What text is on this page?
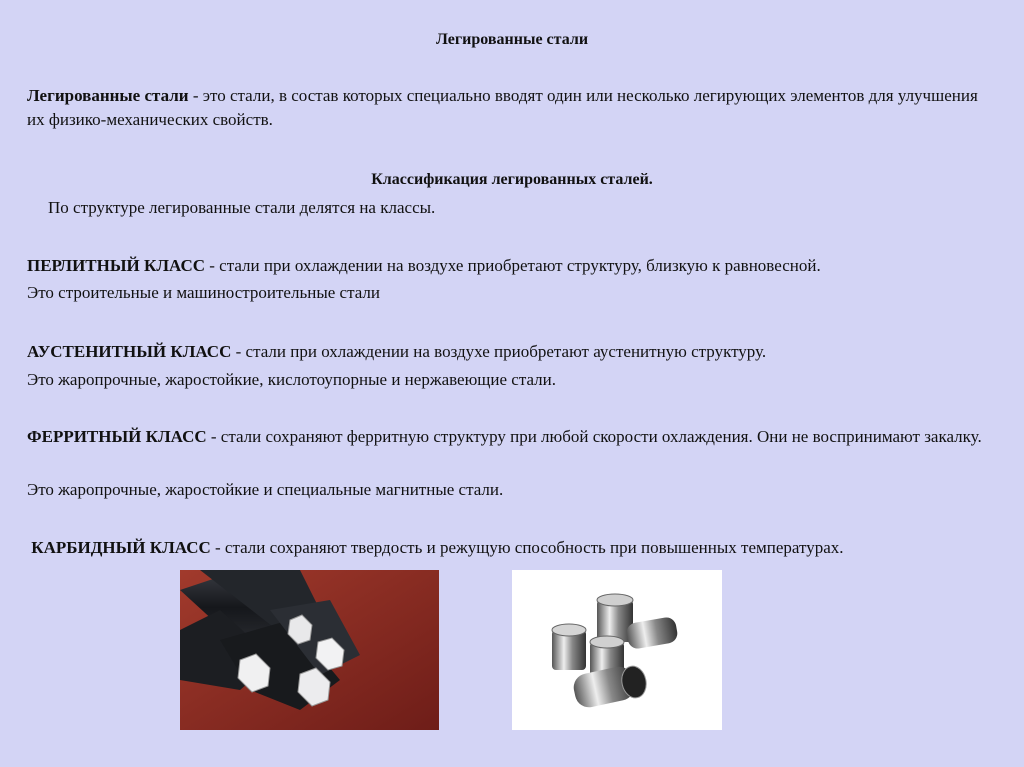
Легированные стали
Легированные стали - это стали, в состав которых специально вводят один или несколько легирующих элементов для улучшения их физико-механических свойств.
Классификация легированных сталей.
По структуре легированные стали делятся на классы.
ПЕРЛИТНЫЙ КЛАСС - стали при охлаждении на воздухе приобретают структуру, близкую к равновесной.
Это строительные и машиностроительные стали
АУСТЕНИТНЫЙ КЛАСС - стали при охлаждении на воздухе приобретают аустенитную структуру.
Это жаропрочные, жаростойкие, кислотоупорные и нержавеющие стали.
ФЕРРИТНЫЙ КЛАСС - стали сохраняют ферритную структуру при любой скорости охлаждения. Они не воспринимают закалку.
Это жаропрочные, жаростойкие и специальные магнитные стали.
КАРБИДНЫЙ КЛАСС - стали сохраняют твердость и режущую способность при повышенных температурах.
